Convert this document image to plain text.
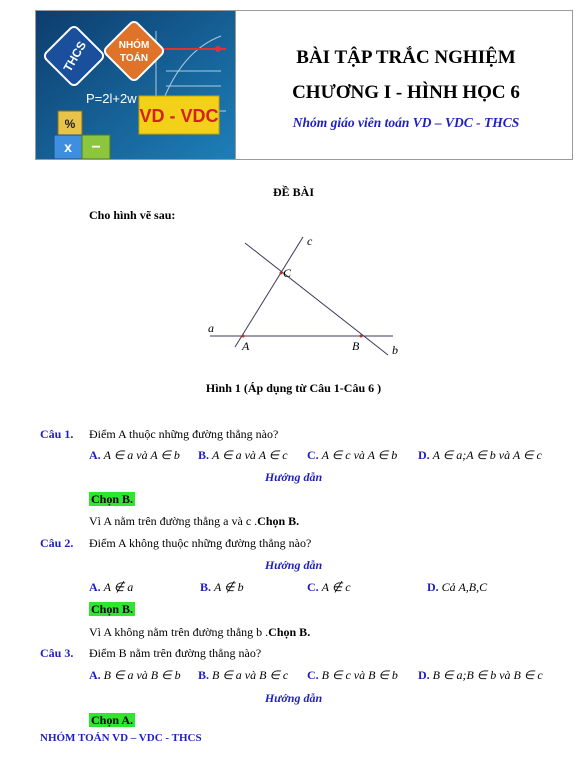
THCS	NHÓM
TOÁN
P=2l+2w
VD - VDC
%
x −
BÀI TẬP TRẮC NGHIỆM
CHƯƠNG I - HÌNH HỌC 6
Nhóm giáo viên toán VD – VDC - THCS
ĐỀ BÀI
Cho hình vẽ sau:
a
b
c
A	B
C
Hình 1 (Áp dụng từ Câu 1-Câu 6 )
Câu 1. Điểm A thuộc những đường thẳng nào?
A. A ∈ a và A ∈ b B. A ∈ a và A ∈ c C. A ∈ c và A ∈ b D. A ∈ a;A ∈ b và A ∈ c
Hướng dẫn
Chọn B.
Vì A nằm trên đường thẳng a và c .Chọn B.
Câu 2. Điểm A không thuộc những đường thẳng nào?
Hướng dẫn
A. A ∉ a	B. A ∉ b	C. A ∉ c	D. Cả A,B,C
Chọn B.
Vì A không nằm trên đường thẳng b .Chọn B.
Câu 3. Điểm B nằm trên đường thẳng nào?
A. B ∈ a và B ∈ b B. B ∈ a và B ∈ c C. B ∈ c và B ∈ b D. B ∈ a;B ∈ b và B ∈ c
Hướng dẫn
Chọn A.
NHÓM TOÁN VD – VDC - THCS
